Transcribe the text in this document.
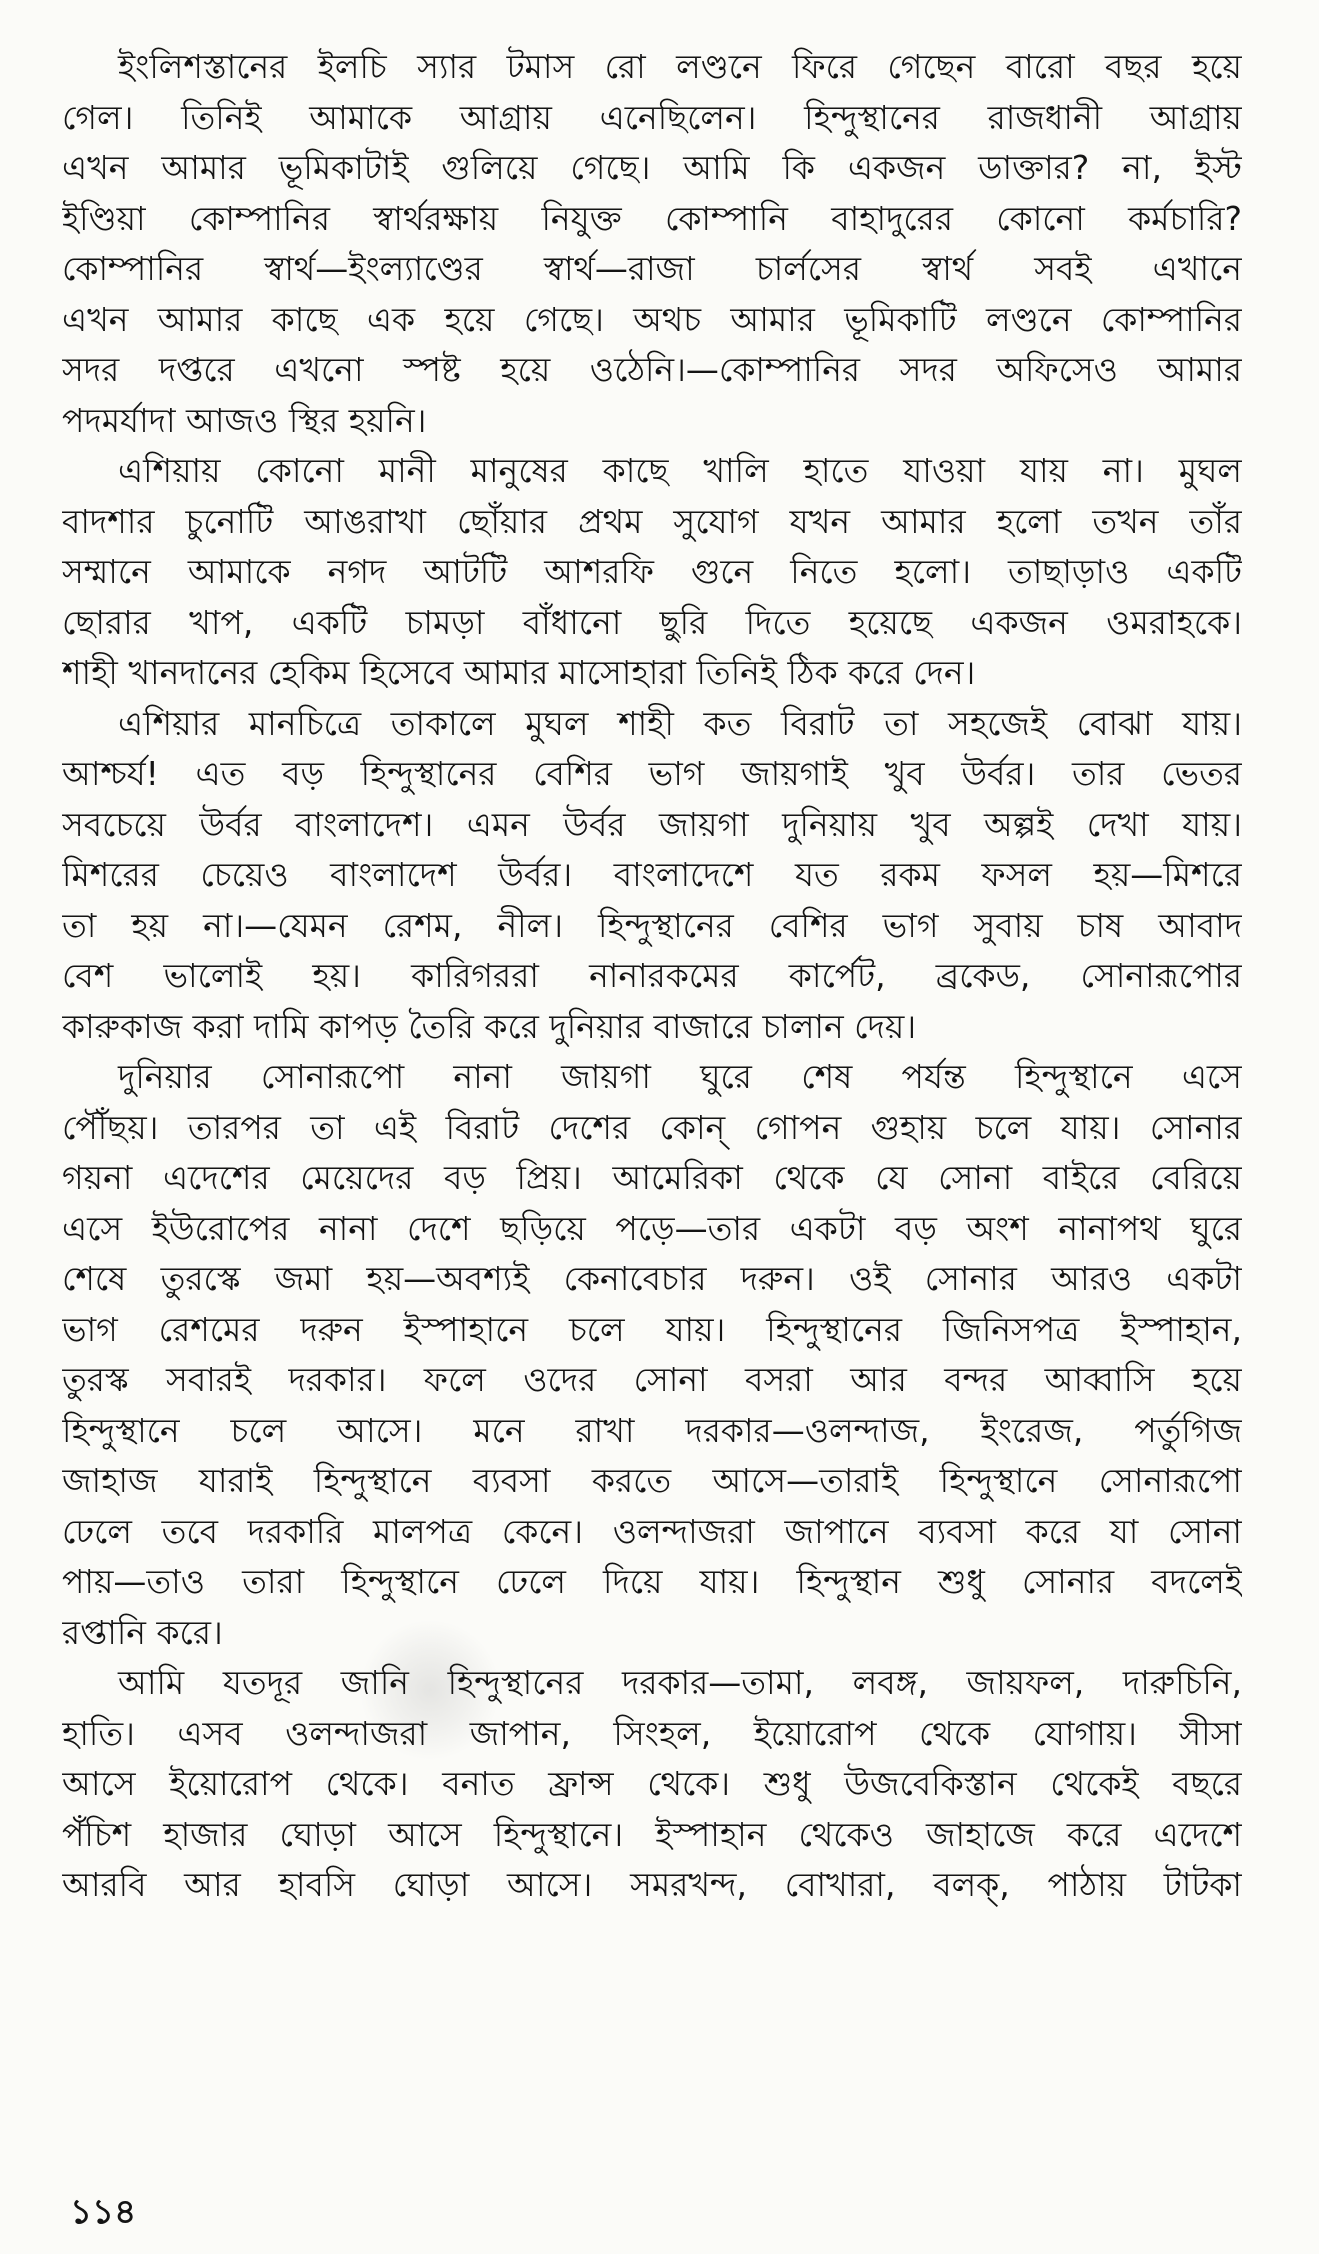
ইংলিশস্তানের ইলচি স্যার টমাস রো লণ্ডনে ফিরে গেছেন বারো বছর হয়ে
গেল। তিনিই আমাকে আগ্রায় এনেছিলেন। হিন্দুস্থানের রাজধানী আগ্রায়
এখন আমার ভূমিকাটাই গুলিয়ে গেছে। আমি কি একজন ডাক্তার? না, ইস্ট
ইণ্ডিয়া কোম্পানির স্বার্থরক্ষায় নিযুক্ত কোম্পানি বাহাদুরের কোনো কর্মচারি?
কোম্পানির স্বার্থ—ইংল্যাণ্ডের স্বার্থ—রাজা চার্লসের স্বার্থ সবই এখানে
এখন আমার কাছে এক হয়ে গেছে। অথচ আমার ভূমিকাটি লণ্ডনে কোম্পানির
সদর দপ্তরে এখনো স্পষ্ট হয়ে ওঠেনি।—কোম্পানির সদর অফিসেও আমার
পদমর্যাদা আজও স্থির হয়নি।

এশিয়ায় কোনো মানী মানুষের কাছে খালি হাতে যাওয়া যায় না। মুঘল
বাদশার চুনোটি আঙরাখা ছোঁয়ার প্রথম সুযোগ যখন আমার হলো তখন তাঁর
সম্মানে আমাকে নগদ আটটি আশরফি গুনে নিতে হলো। তাছাড়াও একটি
ছোরার খাপ, একটি চামড়া বাঁধানো ছুরি দিতে হয়েছে একজন ওমরাহকে।
শাহী খানদানের হেকিম হিসেবে আমার মাসোহারা তিনিই ঠিক করে দেন।

এশিয়ার মানচিত্রে তাকালে মুঘল শাহী কত বিরাট তা সহজেই বোঝা যায়।
আশ্চর্য! এত বড় হিন্দুস্থানের বেশির ভাগ জায়গাই খুব উর্বর। তার ভেতর
সবচেয়ে উর্বর বাংলাদেশ। এমন উর্বর জায়গা দুনিয়ায় খুব অল্পই দেখা যায়।
মিশরের চেয়েও বাংলাদেশ উর্বর। বাংলাদেশে যত রকম ফসল হয়—মিশরে
তা হয় না।—যেমন রেশম, নীল। হিন্দুস্থানের বেশির ভাগ সুবায় চাষ আবাদ
বেশ ভালোই হয়। কারিগররা নানারকমের কার্পেট, ব্রকেড, সোনারূপোর
কারুকাজ করা দামি কাপড় তৈরি করে দুনিয়ার বাজারে চালান দেয়।

দুনিয়ার সোনারূপো নানা জায়গা ঘুরে শেষ পর্যন্ত হিন্দুস্থানে এসে
পৌঁছয়। তারপর তা এই বিরাট দেশের কোন্ গোপন গুহায় চলে যায়। সোনার
গয়না এদেশের মেয়েদের বড় প্রিয়। আমেরিকা থেকে যে সোনা বাইরে বেরিয়ে
এসে ইউরোপের নানা দেশে ছড়িয়ে পড়ে—তার একটা বড় অংশ নানাপথ ঘুরে
শেষে তুরস্কে জমা হয়—অবশ্যই কেনাবেচার দরুন। ওই সোনার আরও একটা
ভাগ রেশমের দরুন ইস্পাহানে চলে যায়। হিন্দুস্থানের জিনিসপত্র ইস্পাহান,
তুরস্ক সবারই দরকার। ফলে ওদের সোনা বসরা আর বন্দর আব্বাসি হয়ে
হিন্দুস্থানে চলে আসে। মনে রাখা দরকার—ওলন্দাজ, ইংরেজ, পর্তুগিজ
জাহাজ যারাই হিন্দুস্থানে ব্যবসা করতে আসে—তারাই হিন্দুস্থানে সোনারূপো
ঢেলে তবে দরকারি মালপত্র কেনে। ওলন্দাজরা জাপানে ব্যবসা করে যা সোনা
পায়—তাও তারা হিন্দুস্থানে ঢেলে দিয়ে যায়। হিন্দুস্থান শুধু সোনার বদলেই
রপ্তানি করে।

আমি যতদূর জানি হিন্দুস্থানের দরকার—তামা, লবঙ্গ, জায়ফল, দারুচিনি,
হাতি। এসব ওলন্দাজরা জাপান, সিংহল, ইয়োরোপ থেকে যোগায়। সীসা
আসে ইয়োরোপ থেকে। বনাত ফ্রান্স থেকে। শুধু উজবেকিস্তান থেকেই বছরে
পঁচিশ হাজার ঘোড়া আসে হিন্দুস্থানে। ইস্পাহান থেকেও জাহাজে করে এদেশে
আরবি আর হাবসি ঘোড়া আসে। সমরখন্দ, বোখারা, বলক্, পাঠায় টাটকা

১১৪
